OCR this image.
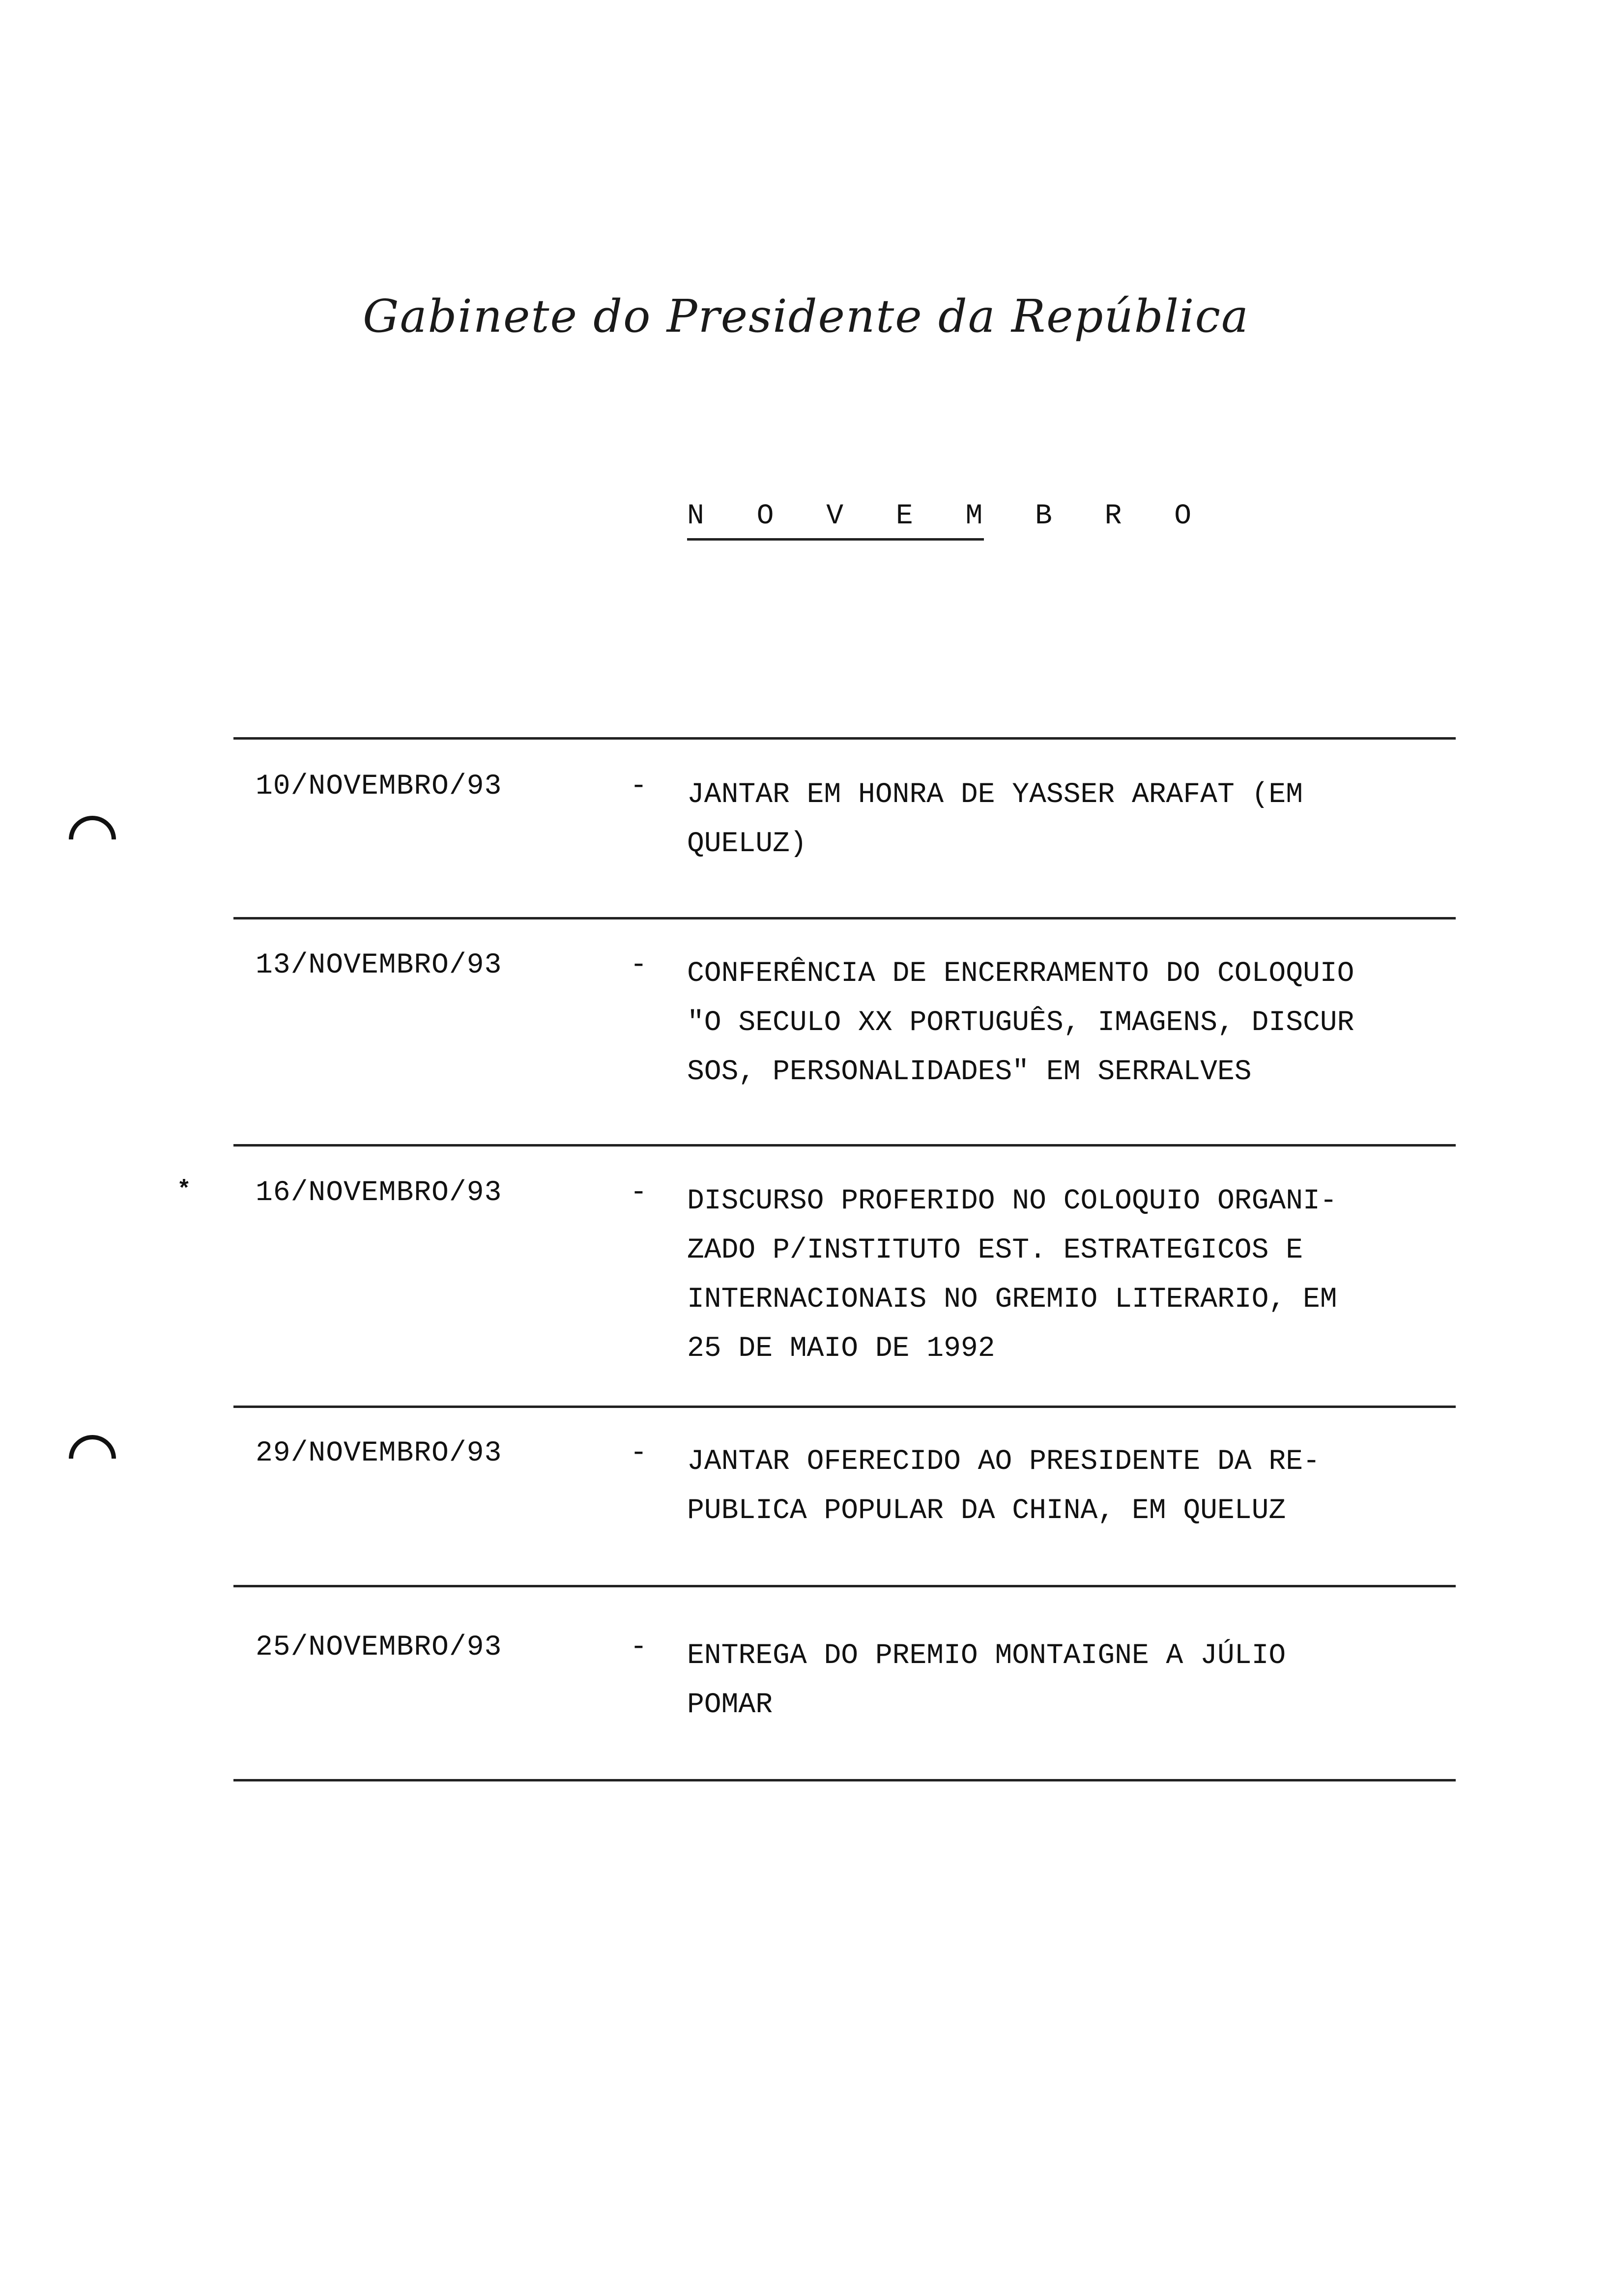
Gabinete do Presidente da República
N O V E M B R O
10/NOVEMBRO/93	- JANTAR EM HONRA DE YASSER ARAFAT (EM
QUELUZ)
13/NOVEMBRO/93	- CONFERÊNCIA DE ENCERRAMENTO DO COLOQUIO
"O SECULO XX PORTUGUÊS, IMAGENS, DISCUR
SOS, PERSONALIDADES" EM SERRALVES
* 16/NOVEMBRO/93	- DISCURSO PROFERIDO NO COLOQUIO ORGANI-
ZADO P/INSTITUTO EST. ESTRATEGICOS E
INTERNACIONAIS NO GREMIO LITERARIO, EM
25 DE MAIO DE 1992
29/NOVEMBRO/93	- JANTAR OFERECIDO AO PRESIDENTE DA RE-
PUBLICA POPULAR DA CHINA, EM QUELUZ
25/NOVEMBRO/93	- ENTREGA DO PREMIO MONTAIGNE A JÚLIO
POMAR
